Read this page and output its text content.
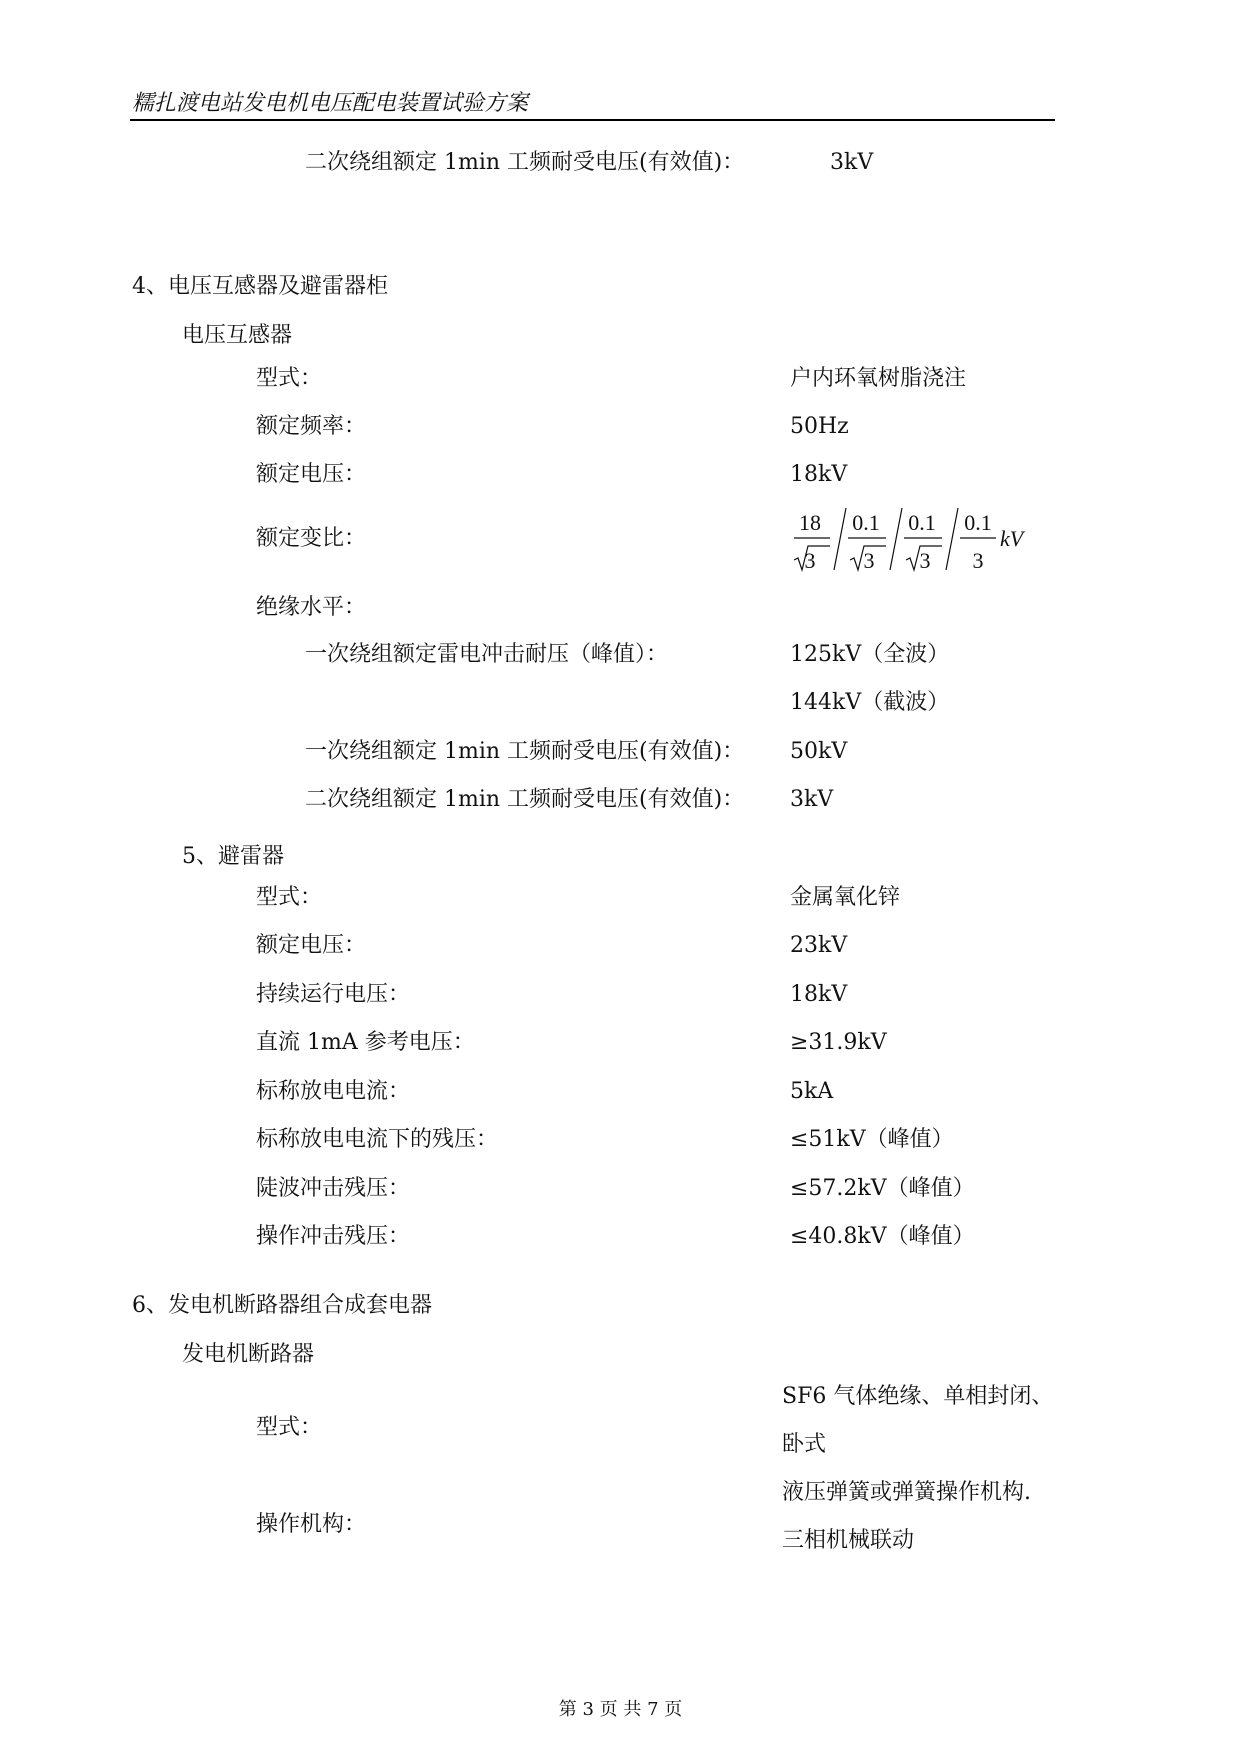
糯扎渡电站发电机电压配电装置试验方案
二次绕组额定 1min 工频耐受电压(有效值)：	3kV
4、电压互感器及避雷器柜
电压互感器
型式：	户内环氧树脂浇注
额定频率：	50Hz
额定电压：	18kV
额定变比：
18
3
0.1
3
0.1
3
0.1
3
kV
绝缘水平：
一次绕组额定雷电冲击耐压（峰值）：	125kV（全波）
144kV（截波）
一次绕组额定 1min 工频耐受电压(有效值)： 50kV
二次绕组额定 1min 工频耐受电压(有效值)： 3kV
5、避雷器
型式：	金属氧化锌
额定电压：	23kV
持续运行电压：	18kV
直流 1mA 参考电压：	≥31.9kV
标称放电电流：	5kA
标称放电电流下的残压：	≤51kV（峰值）
陡波冲击残压：	≤57.2kV（峰值）
操作冲击残压：	≤40.8kV（峰值）
6、发电机断路器组合成套电器
发电机断路器
型式：
SF6 气体绝缘、单相封闭、
卧式
操作机构：
液压弹簧或弹簧操作机构.
三相机械联动
第 3 页 共 7 页
